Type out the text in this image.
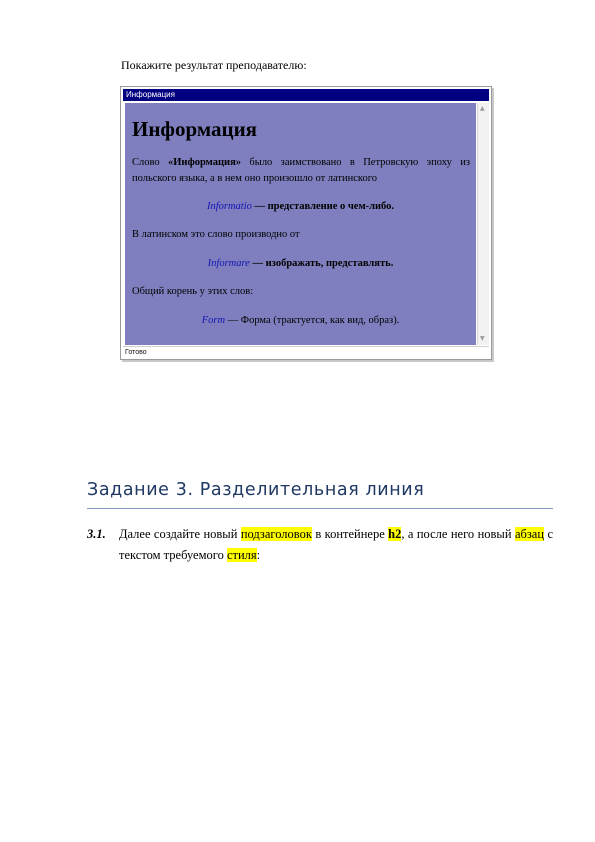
Покажите результат преподавателю:
Информация
Информация
Слово «Информация» было заимствовано в Петровскую эпоху из польского языка, а в нем оно произошло от латинского
Informatio — представление о чем-либо.
В латинском это слово производно от
Informare — изображать, представлять.
Общий корень у этих слов:
Form — Форма (трактуется, как вид, образ).
▲
▼
Готово
Задание 3. Разделительная линия
3.1. Далее создайте новый подзаголовок в контейнере h2, а после него новый абзац с текстом требуемого стиля:
